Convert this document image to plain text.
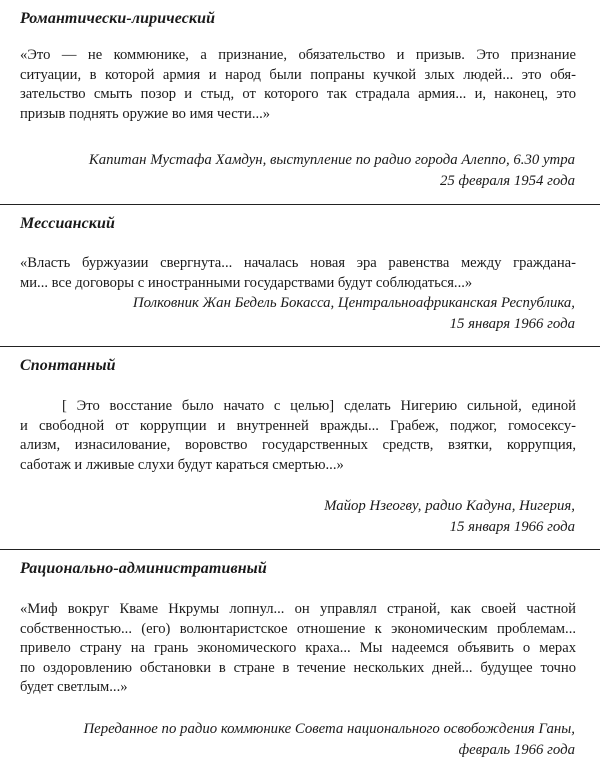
Романтически-лирический
«Это — не коммюнике, а признание, обязательство и призыв. Это признание
ситуации, в которой армия и народ были попраны кучкой злых людей... это обя-
зательство смыть позор и стыд, от которого так страдала армия... и, наконец, это
призыв поднять оружие во имя чести...»
Капитан Мустафа Хамдун, выступление по радио города Алеппо, 6.30 утра
25 февраля 1954 года
Мессианский
«Власть буржуазии свергнута... началась новая эра равенства между гражданa-
ми... все договоры с иностранными государствами будут соблюдаться...»
Полковник Жан Бедель Бокасса, Центральноафриканская Республика,
15 января 1966 года
Спонтанный
[ Это восстание было начато с целью] сделать Нигерию сильной, единой
и свободной от коррупции и внутренней вражды... Грабеж, поджог, гомосексу-
ализм, изнасилование, воровство государственных средств, взятки, коррупция,
саботаж и лживые слухи будут караться смертью...»
Майор Нзеогву, радио Кадуна, Нигерия,
15 января 1966 года
Рационально-административный
«Миф вокруг Кваме Нкрумы лопнул... он управлял страной, как своей частной
собственностью... (его) волюнтаристское отношение к экономическим проблемам...
привело страну на грань экономического краха... Мы надеемся объявить о мерах
по оздоровлению обстановки в стране в течение нескольких дней... будущее точно
будет светлым...»
Переданное по радио коммюнике Совета национального освобождения Ганы,
февраль 1966 года
